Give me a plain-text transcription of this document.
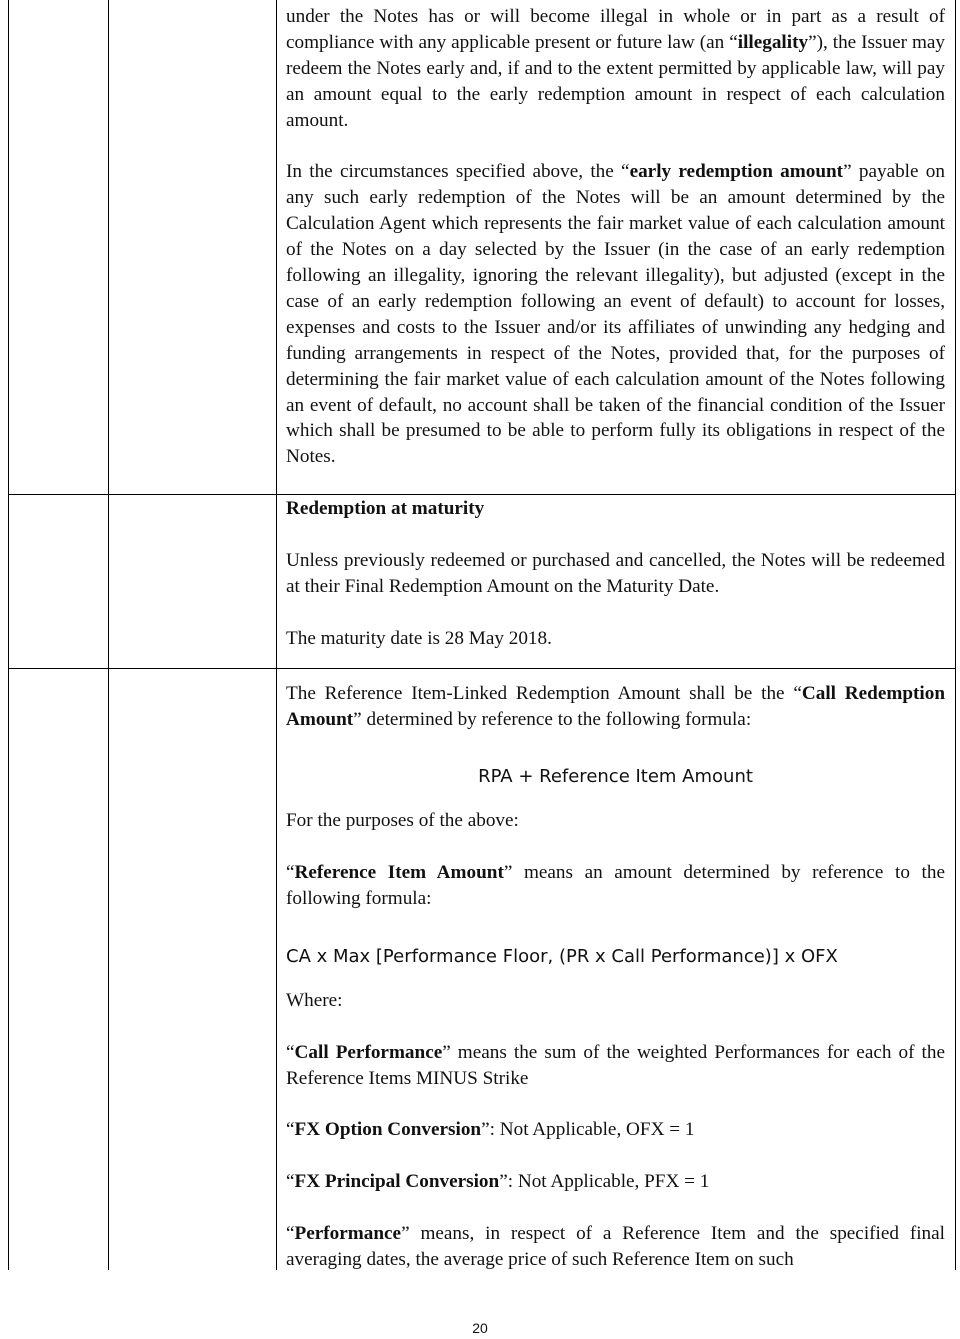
under the Notes has or will become illegal in whole or in part as a result of compliance with any applicable present or future law (an “illegality”), the Issuer may redeem the Notes early and, if and to the extent permitted by applicable law, will pay an amount equal to the early redemption amount in respect of each calculation amount.

In the circumstances specified above, the “early redemption amount” payable on any such early redemption of the Notes will be an amount determined by the Calculation Agent which represents the fair market value of each calculation amount of the Notes on a day selected by the Issuer (in the case of an early redemption following an illegality, ignoring the relevant illegality), but adjusted (except in the case of an early redemption following an event of default) to account for losses, expenses and costs to the Issuer and/or its affiliates of unwinding any hedging and funding arrangements in respect of the Notes, provided that, for the purposes of determining the fair market value of each calculation amount of the Notes following an event of default, no account shall be taken of the financial condition of the Issuer which shall be presumed to be able to perform fully its obligations in respect of the Notes.

Redemption at maturity

Unless previously redeemed or purchased and cancelled, the Notes will be redeemed at their Final Redemption Amount on the Maturity Date.

The maturity date is 28 May 2018.

The Reference Item-Linked Redemption Amount shall be the “Call Redemption Amount” determined by reference to the following formula:

RPA + Reference Item Amount

For the purposes of the above:

“Reference Item Amount” means an amount determined by reference to the following formula:

CA x Max [Performance Floor, (PR x Call Performance)] x OFX

Where:

“Call Performance” means the sum of the weighted Performances for each of the Reference Items MINUS Strike

“FX Option Conversion”: Not Applicable, OFX = 1

“FX Principal Conversion”: Not Applicable, PFX = 1

“Performance” means, in respect of a Reference Item and the specified final averaging dates, the average price of such Reference Item on such

20
